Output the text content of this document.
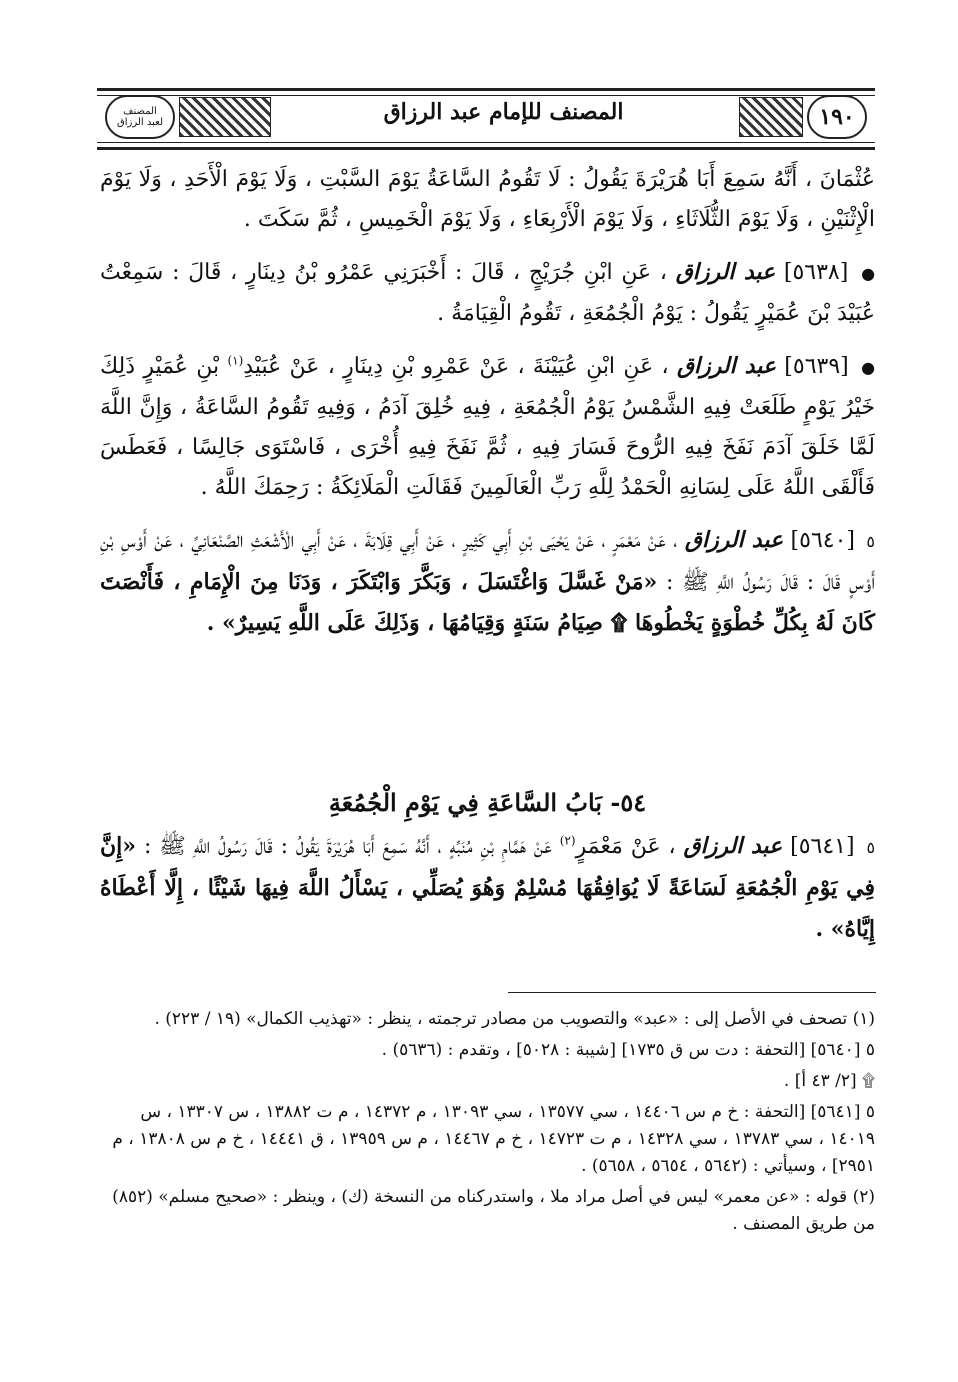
١٩٠
المصنف للإمام عبد الرزاق
المصنف
لعبد الرزاق

عُثْمَانَ ، أَنَّهُ سَمِعَ أَبَا هُرَيْرَةَ يَقُولُ : لَا تَقُومُ السَّاعَةُ يَوْمَ السَّبْتِ ، وَلَا يَوْمَ الْأَحَدِ ، وَلَا يَوْمَ الْإِثْنَيْنِ ، وَلَا يَوْمَ الثُّلَاثَاءِ ، وَلَا يَوْمَ الْأَرْبِعَاءِ ، وَلَا يَوْمَ الْخَمِيسِ ، ثُمَّ سَكَتَ .

● [٥٦٣٨] عبد الرزاق ، عَنِ ابْنِ جُرَيْجٍ ، قَالَ : أَخْبَرَنِي عَمْرُو بْنُ دِينَارٍ ، قَالَ : سَمِعْتُ عُبَيْدَ بْنَ عُمَيْرٍ يَقُولُ : يَوْمُ الْجُمُعَةِ ، تَقُومُ الْقِيَامَةُ .

● [٥٦٣٩] عبد الرزاق ، عَنِ ابْنِ عُيَيْنَةَ ، عَنْ عَمْرِو بْنِ دِينَارٍ ، عَنْ عُبَيْدِ$^{(١)}$ بْنِ عُمَيْرٍ ذَلِكَ خَيْرُ يَوْمٍ طَلَعَتْ فِيهِ الشَّمْسُ يَوْمُ الْجُمُعَةِ ، فِيهِ خُلِقَ آدَمُ ، وَفِيهِ تَقُومُ السَّاعَةُ ، وَإِنَّ اللَّهَ لَمَّا خَلَقَ آدَمَ نَفَخَ فِيهِ الرُّوحَ فَسَارَ فِيهِ ، ثُمَّ نَفَخَ فِيهِ أُخْرَى ، فَاسْتَوَى جَالِسًا ، فَعَطَسَ فَأَلْقَى اللَّهُ عَلَى لِسَانِهِ الْحَمْدُ لِلَّهِ رَبِّ الْعَالَمِينَ فَقَالَتِ الْمَلَائِكَةُ : رَحِمَكَ اللَّهُ .

٥ [٥٦٤٠] عبد الرزاق ، عَنْ مَعْمَرٍ ، عَنْ يَحْيَى بْنِ أَبِي كَثِيرٍ ، عَنْ أَبِي قِلَابَةَ ، عَنْ أَبِي الْأَشْعَثِ الصَّنْعَانِيِّ ، عَنْ أَوْسِ بْنِ أَوْسٍ قَالَ : قَالَ رَسُولُ اللَّهِ ﷺ : «مَنْ غَسَّلَ وَاغْتَسَلَ ، وَبَكَّرَ وَابْتَكَرَ ، وَدَنَا مِنَ الْإِمَامِ ، فَأَنْصَتَ كَانَ لَهُ بِكُلِّ خُطْوَةٍ يَخْطُوهَا ۩ صِيَامُ سَنَةٍ وَقِيَامُهَا ، وَذَلِكَ عَلَى اللَّهِ يَسِيرٌ» .

٥٤- بَابُ السَّاعَةِ فِي يَوْمِ الْجُمُعَةِ

٥ [٥٦٤١] عبد الرزاق ، عَنْ مَعْمَرٍ$^{(٢)}$ عَنْ هَمَّامِ بْنِ مُنَبِّهٍ ، أَنَّهُ سَمِعَ أَبَا هُرَيْرَةَ يَقُولُ : قَالَ رَسُولُ اللَّهِ ﷺ : «إِنَّ فِي يَوْمِ الْجُمُعَةِ لَسَاعَةً لَا يُوَافِقُهَا مُسْلِمٌ وَهُوَ يُصَلِّي ، يَسْأَلُ اللَّهَ فِيهَا شَيْئًا ، إِلَّا أَعْطَاهُ إِيَّاهُ» .

(١) تصحف في الأصل إلى : «عبد» والتصويب من مصادر ترجمته ، ينظر : «تهذيب الكمال» (١٩ / ٢٢٣) .

٥ [٥٦٤٠] [التحفة : دت س ق ١٧٣٥] [شيبة : ٥٠٢٨] ، وتقدم : (٥٦٣٦) .

۩ [٢/ ٤٣ أ] .

٥ [٥٦٤١] [التحفة : خ م س ١٤٤٠٦ ، سي ١٣٥٧٧ ، سي ١٣٠٩٣ ، م ١٤٣٧٢ ، م ت ١٣٨٨٢ ، س ١٣٣٠٧ ، س ١٤٠١٩ ، سي ١٣٧٨٣ ، سي ١٤٣٢٨ ، م ت ١٤٧٢٣ ، خ م ١٤٤٦٧ ، م س ١٣٩٥٩ ، ق ١٤٤٤١ ، خ م س ١٣٨٠٨ ، م ٢٩٥١] ، وسيأتي : (٥٦٤٢ ، ٥٦٥٤ ، ٥٦٥٨) .

(٢) قوله : «عن معمر» ليس في أصل مراد ملا ، واستدركناه من النسخة (ك) ، وينظر : «صحيح مسلم» (٨٥٢) من طريق المصنف .
